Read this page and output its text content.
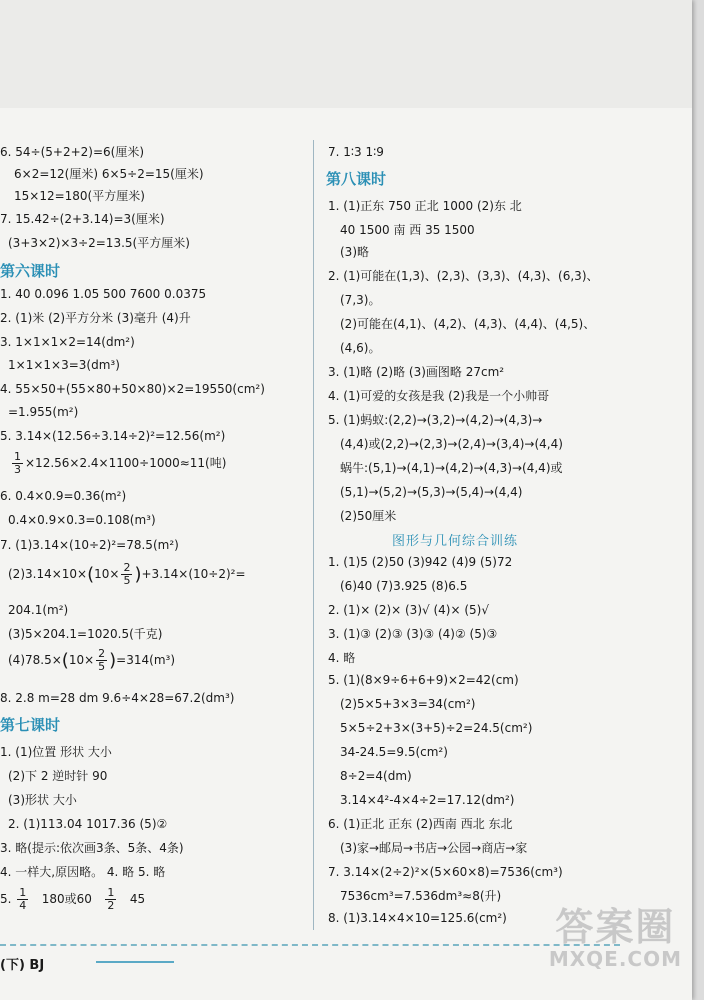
6. 54÷(5+2+2)=6(厘米)
6×2=12(厘米) 6×5÷2=15(厘米)
15×12=180(平方厘米)
7. 15.42÷(2+3.14)=3(厘米)
(3+3×2)×3÷2=13.5(平方厘米)
第六课时
1. 40 0.096 1.05 500 7600 0.0375
2. (1)米 (2)平方分米 (3)毫升 (4)升
3. 1×1×1×2=14(dm²)
1×1×1×3=3(dm³)
4. 55×50+(55×80+50×80)×2=19550(cm²)
=1.955(m²)
5. 3.14×(12.56÷3.14÷2)²=12.56(m²)
$\frac{1}{3} \times 12.56\times 2.4\times 1100\div 1000\approx 11$(吨)
6. 0.4×0.9=0.36(m²)
0.4×0.9×0.3=0.108(m³)
7. (1)3.14×(10÷2)²=78.5(m²)
$(2)3.14\times 10\times(10\times \frac{2}{5} )+3.14\times(10\div 2)^2=$
204.1(m²)
(3)5×204.1=1020.5(千克)
$(4)78.5\times(10\times \frac{2}{5} )=314(m^3)$
8. 2.8 m=28 dm 9.6÷4×28=67.2(dm³)
第七课时
1. (1)位置 形状 大小
(2)下 2 逆时针 90
(3)形状 大小
2. (1)113.04 1017.36 (5)②
3. 略(提示:依次画3条、5条、4条)
4. 一样大,原因略。 4. 略 5. 略
5. $\frac{1}{4} 180$或$60 \frac{1}{2} 45$
7. 1∶3 1∶9
第八课时
1. (1)正东 750 正北 1000 (2)东 北
40 1500 南 西 35 1500
(3)略
2. (1)可能在(1,3)、(2,3)、(3,3)、(4,3)、(6,3)、
(7,3)。
(2)可能在(4,1)、(4,2)、(4,3)、(4,4)、(4,5)、
(4,6)。
3. (1)略 (2)略 (3)画图略 27cm²
4. (1)可爱的女孩是我 (2)我是一个小帅哥
5. (1)蚂蚁:(2,2)→(3,2)→(4,2)→(4,3)→
(4,4)或(2,2)→(2,3)→(2,4)→(3,4)→(4,4)
蜗牛:(5,1)→(4,1)→(4,2)→(4,3)→(4,4)或
(5,1)→(5,2)→(5,3)→(5,4)→(4,4)
(2)50厘米
图形与几何综合训练
1. (1)5 (2)50 (3)942 (4)9 (5)72
(6)40 (7)3.925 (8)6.5
2. (1)× (2)× (3)√ (4)× (5)√
3. (1)③ (2)③ (3)③ (4)② (5)③
4. 略
5. (1)(8×9÷6+6+9)×2=42(cm)
(2)5×5+3×3=34(cm²)
5×5÷2+3×(3+5)÷2=24.5(cm²)
34-24.5=9.5(cm²)
8÷2=4(dm)
3.14×4²-4×4÷2=17.12(dm²)
6. (1)正北 正东 (2)西南 西北 东北
(3)家→邮局→书店→公园→商店→家
7. 3.14×(2÷2)²×(5×60×8)=7536(cm³)
7536cm³=7.536dm³≈8(升)
8. (1)3.14×4×10=125.6(cm²)
(下) BJ
答案圈
MXQE.COM
